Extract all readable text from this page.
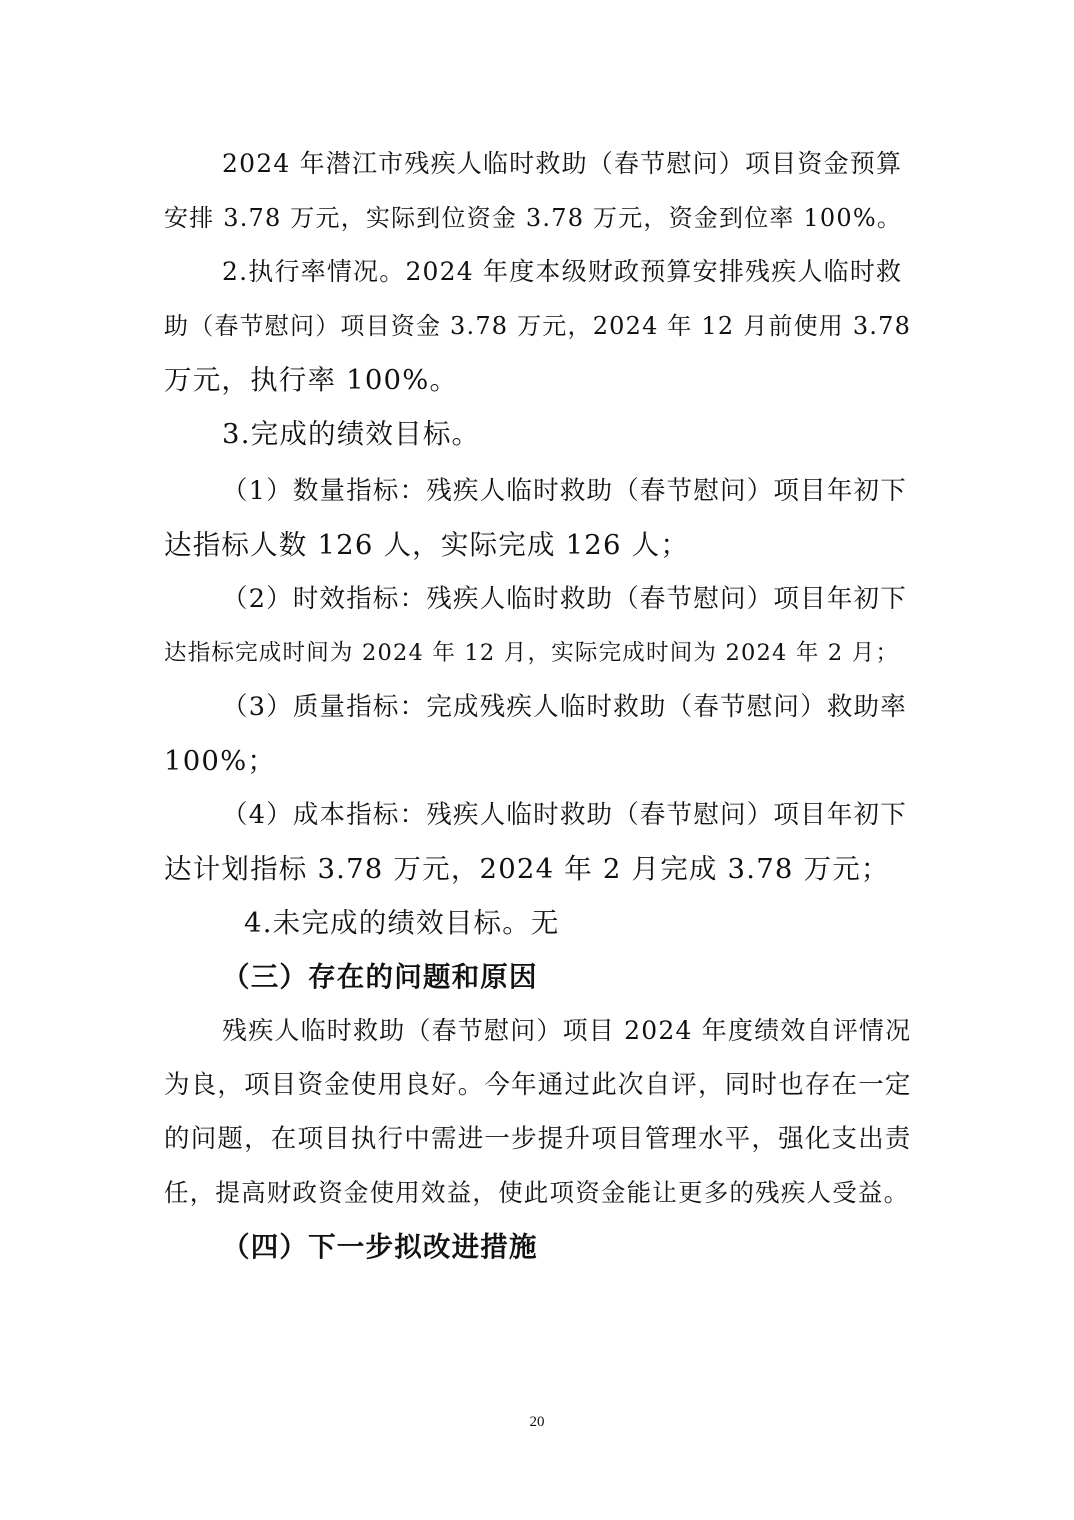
2024 年潜江市残疾人临时救助（春节慰问）项目资金预算
安排 3.78 万元，实际到位资金 3.78 万元，资金到位率 100%。
2.执行率情况。2024 年度本级财政预算安排残疾人临时救
助（春节慰问）项目资金 3.78 万元，2024 年 12 月前使用 3.78
万元，执行率 100%。
3.完成的绩效目标。
（1）数量指标：残疾人临时救助（春节慰问）项目年初下
达指标人数 126 人，实际完成 126 人；
（2）时效指标：残疾人临时救助（春节慰问）项目年初下
达指标完成时间为 2024 年 12 月，实际完成时间为 2024 年 2 月；
（3）质量指标：完成残疾人临时救助（春节慰问）救助率
100%；
（4）成本指标：残疾人临时救助（春节慰问）项目年初下
达计划指标 3.78 万元，2024 年 2 月完成 3.78 万元；
4.未完成的绩效目标。无
（三）存在的问题和原因
残疾人临时救助（春节慰问）项目 2024 年度绩效自评情况
为良，项目资金使用良好。今年通过此次自评，同时也存在一定
的问题，在项目执行中需进一步提升项目管理水平，强化支出责
任，提高财政资金使用效益，使此项资金能让更多的残疾人受益。
（四）下一步拟改进措施
20
